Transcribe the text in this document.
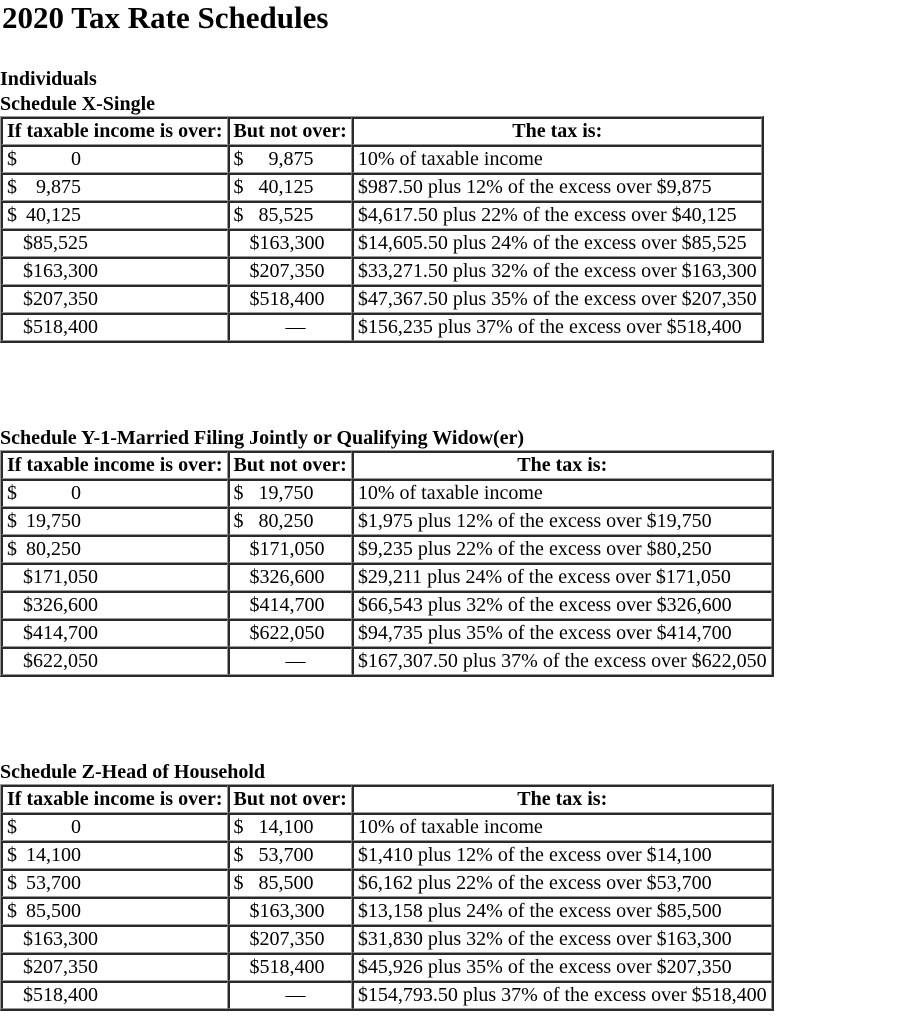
2020 Tax Rate Schedules
Individuals
Schedule X-Single
If taxable income is over:	But not over:	The tax is:
$ 0	$ 9,875	10% of taxable income
$ 9,875	$ 40,125	$987.50 plus 12% of the excess over $9,875
$ 40,125	$ 85,525	$4,617.50 plus 22% of the excess over $40,125
$85,525	$163,300	$14,605.50 plus 24% of the excess over $85,525
$163,300	$207,350	$33,271.50 plus 32% of the excess over $163,300
$207,350	$518,400	$47,367.50 plus 35% of the excess over $207,350
$518,400	—	$156,235 plus 37% of the excess over $518,400
Schedule Y-1-Married Filing Jointly or Qualifying Widow(er)
If taxable income is over:	But not over:	The tax is:
$ 0	$ 19,750	10% of taxable income
$ 19,750	$ 80,250	$1,975 plus 12% of the excess over $19,750
$ 80,250	$171,050	$9,235 plus 22% of the excess over $80,250
$171,050	$326,600	$29,211 plus 24% of the excess over $171,050
$326,600	$414,700	$66,543 plus 32% of the excess over $326,600
$414,700	$622,050	$94,735 plus 35% of the excess over $414,700
$622,050	—	$167,307.50 plus 37% of the excess over $622,050
Schedule Z-Head of Household
If taxable income is over:	But not over:	The tax is:
$ 0	$ 14,100	10% of taxable income
$ 14,100	$ 53,700	$1,410 plus 12% of the excess over $14,100
$ 53,700	$ 85,500	$6,162 plus 22% of the excess over $53,700
$ 85,500	$163,300	$13,158 plus 24% of the excess over $85,500
$163,300	$207,350	$31,830 plus 32% of the excess over $163,300
$207,350	$518,400	$45,926 plus 35% of the excess over $207,350
$518,400	—	$154,793.50 plus 37% of the excess over $518,400
